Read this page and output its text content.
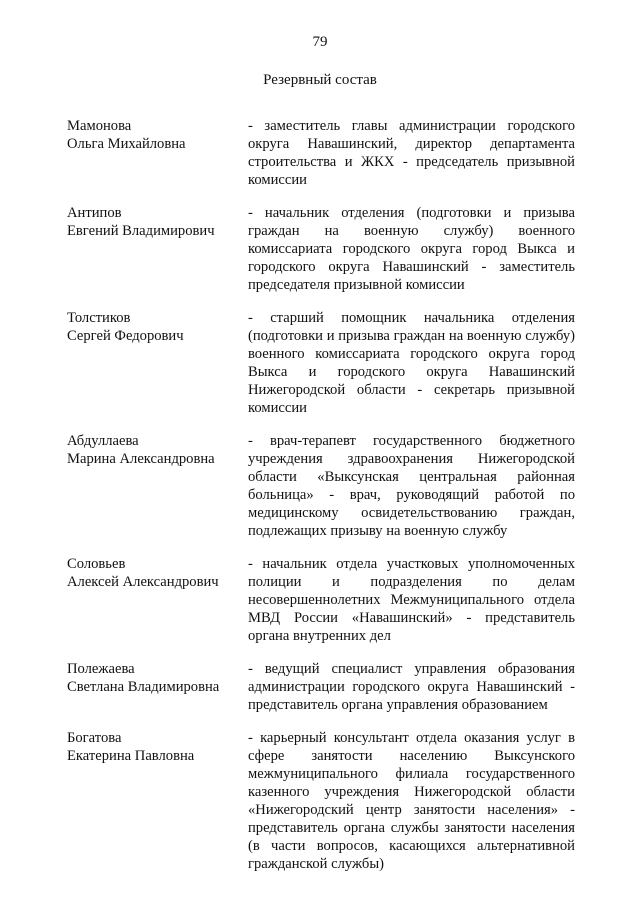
79
Резервный состав
Мамонова
Ольга Михайловна
- заместитель главы администрации городского округа Навашинский, директор департамента строительства и ЖКХ - председатель призывной комиссии
Антипов
Евгений Владимирович
- начальник отделения (подготовки и призыва граждан на военную службу) военного комиссариата городского округа город Выкса и городского округа Навашинский - заместитель председателя призывной комиссии
Толстиков
Сергей Федорович
- старший помощник начальника отделения (подготовки и призыва граждан на военную службу) военного комиссариата городского округа город Выкса и городского округа Навашинский Нижегородской области - секретарь призывной комиссии
Абдуллаева
Марина Александровна
- врач-терапевт государственного бюджетного учреждения здравоохранения Нижегородской области «Выксунская центральная районная больница» - врач, руководящий работой по медицинскому освидетельствованию граждан, подлежащих призыву на военную службу
Соловьев
Алексей Александрович
- начальник отдела участковых уполномоченных полиции и подразделения по делам несовершеннолетних Межмуниципального отдела МВД России «Навашинский» - представитель органа внутренних дел
Полежаева
Светлана Владимировна
- ведущий специалист управления образования администрации городского округа Навашинский - представитель органа управления образованием
Богатова
Екатерина Павловна
- карьерный консультант отдела оказания услуг в сфере занятости населению Выксунского межмуниципального филиала государственного казенного учреждения Нижегородской области «Нижегородский центр занятости населения» - представитель органа службы занятости населения (в части вопросов, касающихся альтернативной гражданской службы)
